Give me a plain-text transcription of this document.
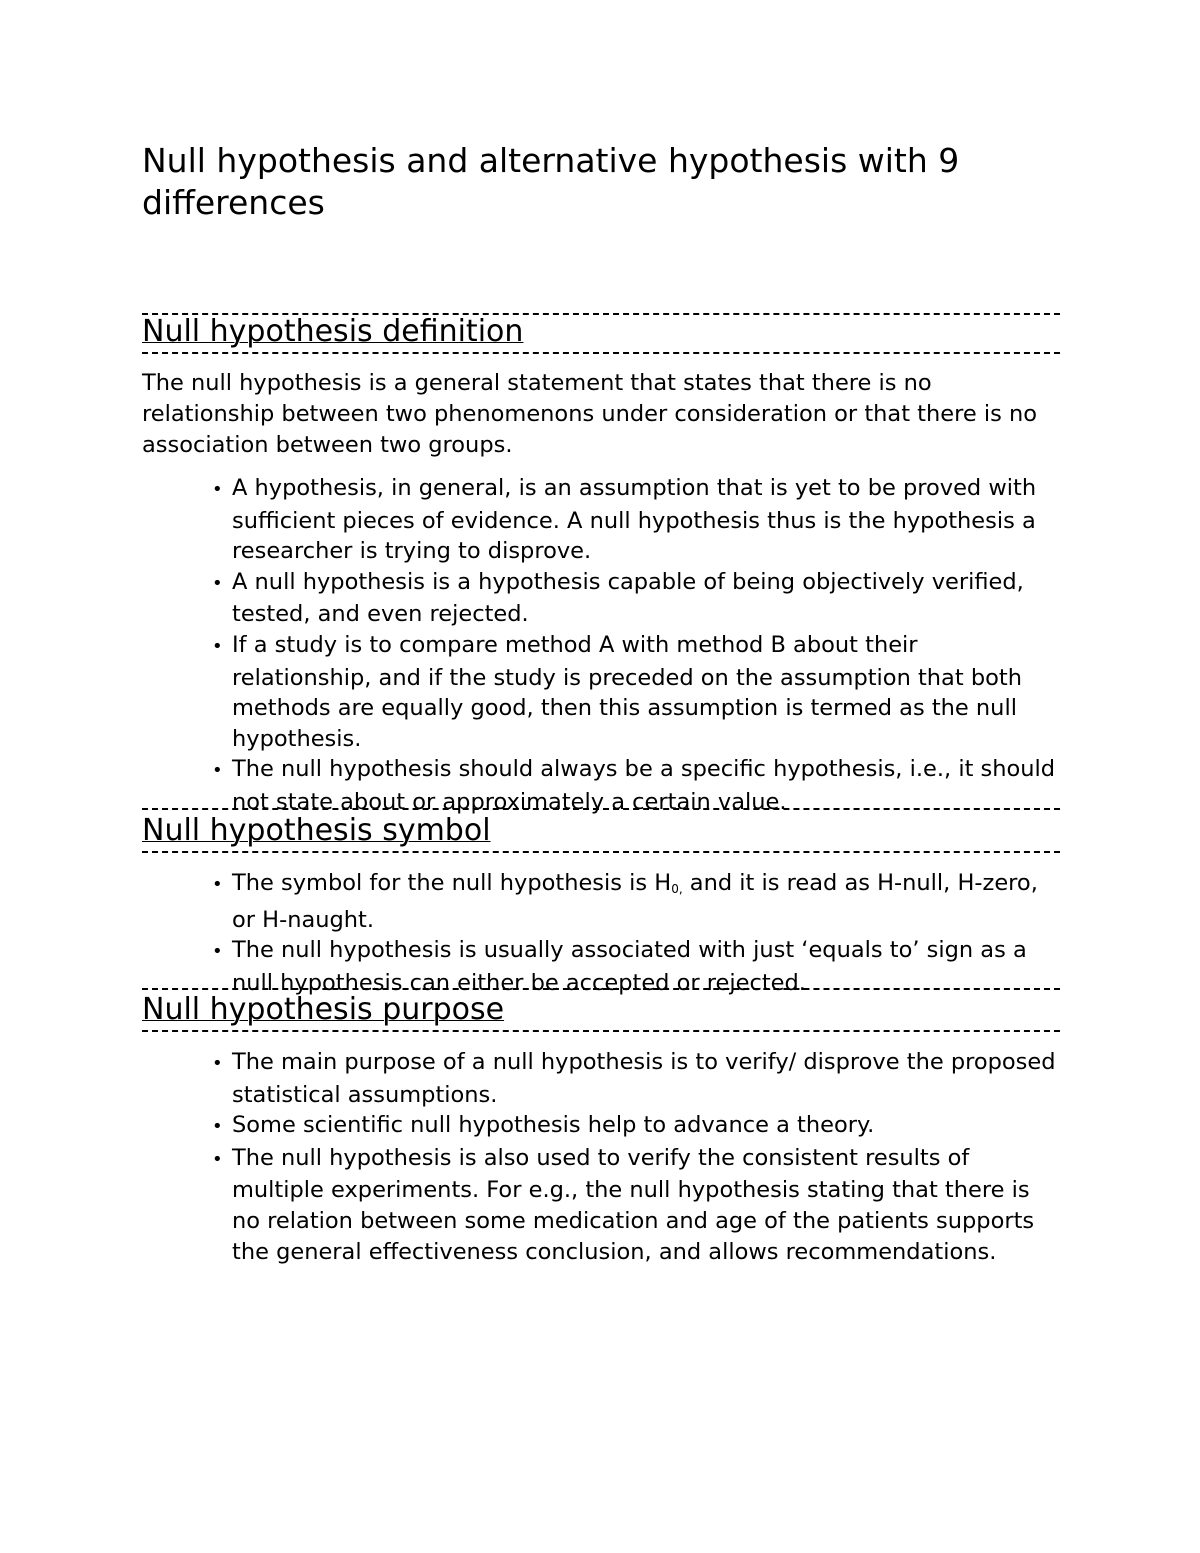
Null hypothesis and alternative hypothesis with 9 differences
Null hypothesis definition

The null hypothesis is a general statement that states that there is no relationship between two phenomenons under consideration or that there is no association between two groups.

• A hypothesis, in general, is an assumption that is yet to be proved with sufficient pieces of evidence. A null hypothesis thus is the hypothesis a researcher is trying to disprove.
• A null hypothesis is a hypothesis capable of being objectively verified, tested, and even rejected.
• If a study is to compare method A with method B about their relationship, and if the study is preceded on the assumption that both methods are equally good, then this assumption is termed as the null hypothesis.
• The null hypothesis should always be a specific hypothesis, i.e., it should not state about or approximately a certain value.
Null hypothesis symbol
• The symbol for the null hypothesis is $H_{0,}$ and it is read as H-null, H-zero, or H-naught.
• The null hypothesis is usually associated with just ‘equals to’ sign as a null hypothesis can either be accepted or rejected.
Null hypothesis purpose
• The main purpose of a null hypothesis is to verify/ disprove the proposed statistical assumptions.
• Some scientific null hypothesis help to advance a theory.
• The null hypothesis is also used to verify the consistent results of multiple experiments. For e.g., the null hypothesis stating that there is no relation between some medication and age of the patients supports the general effectiveness conclusion, and allows recommendations.
